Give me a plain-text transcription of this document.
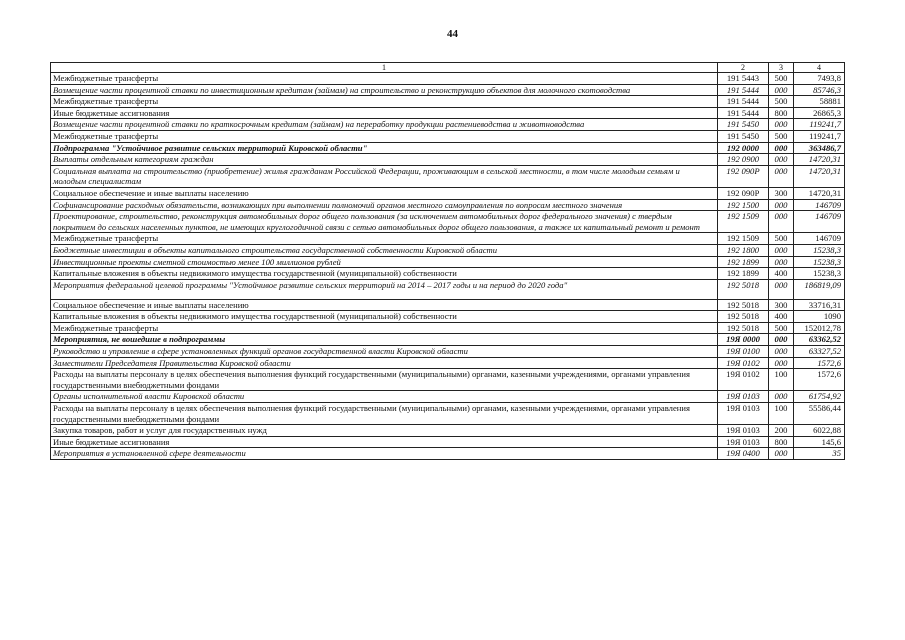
44
1	2	3	4
Межбюджетные трансферты	191 5443	500	7493,8
Возмещение части процентной ставки по инвестиционным кредитам (займам) на строительство и реконструкцию объектов для молочного скотоводства	191 5444	000	85746,3
Межбюджетные трансферты	191 5444	500	58881
Иные бюджетные ассигнования	191 5444	800	26865,3
Возмещение части процентной ставки по краткосрочным кредитам (займам) на переработку продукции растениеводства и животноводства	191 5450	000	119241,7
Межбюджетные трансферты	191 5450	500	119241,7
Подпрограмма "Устойчивое развитие сельских территорий Кировской области"	192 0000	000	363486,7
Выплаты отдельным категориям граждан	192 0900	000	14720,31
Социальная выплата на строительство (приобретение) жилья гражданам Российской Федерации, проживающим в сельской местности, в том числе молодым семьям и молодым специалистам	192 090Р	000	14720,31
Социальное обеспечение и иные выплаты населению	192 090Р	300	14720,31
Софинансирование расходных обязательств, возникающих при выполнении полномочий органов местного самоуправления по вопросам местного значения	192 1500	000	146709
Проектирование, строительство, реконструкция автомобильных дорог общего пользования (за исключением автомобильных дорог федерального значения) с твердым покрытием до сельских населенных пунктов, не имеющих круглогодичной связи с сетью автомобильных дорог общего пользования, а также их капитальный ремонт и ремонт	192 1509	000	146709
Межбюджетные трансферты	192 1509	500	146709
Бюджетные инвестиции в объекты капитального строительства государственной собственности Кировской области	192 1800	000	15238,3
Инвестиционные проекты сметной стоимостью менее 100 миллионов рублей	192 1899	000	15238,3
Капитальные вложения в объекты недвижимого имущества государственной (муниципальной) собственности	192 1899	400	15238,3
Мероприятия федеральной целевой программы "Устойчивое развитие сельских территорий на 2014 – 2017 годы и на период до 2020 года"	192 5018	000	186819,09
Социальное обеспечение и иные выплаты населению	192 5018	300	33716,31
Капитальные вложения в объекты недвижимого имущества государственной (муниципальной) собственности	192 5018	400	1090
Межбюджетные трансферты	192 5018	500	152012,78
Мероприятия, не вошедшие в подпрограммы	19Я 0000	000	63362,52
Руководство и управление в сфере установленных функций органов государственной власти Кировской области	19Я 0100	000	63327,52
Заместители Председателя Правительства Кировской области	19Я 0102	000	1572,6
Расходы на выплаты персоналу в целях обеспечения выполнения функций государственными (муниципальными) органами, казенными учреждениями, органами управления государственными внебюджетными фондами	19Я 0102	100	1572,6
Органы исполнительной власти Кировской области	19Я 0103	000	61754,92
Расходы на выплаты персоналу в целях обеспечения выполнения функций государственными (муниципальными) органами, казенными учреждениями, органами управления государственными внебюджетными фондами	19Я 0103	100	55586,44
Закупка товаров, работ и услуг для государственных нужд	19Я 0103	200	6022,88
Иные бюджетные ассигнования	19Я 0103	800	145,6
Мероприятия в установленной сфере деятельности	19Я 0400	000	35
